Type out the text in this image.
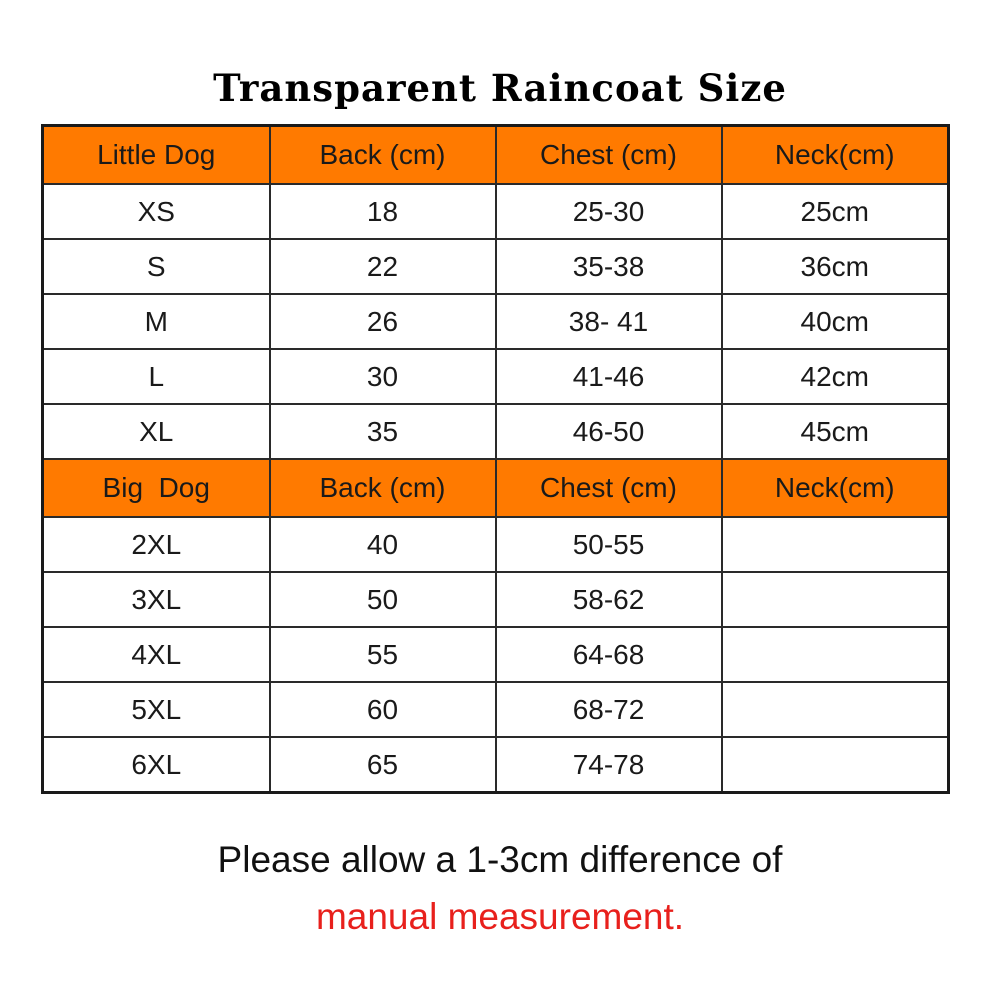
Transparent Raincoat Size
Little Dog	Back (cm)	Chest (cm)	Neck(cm)
XS	18	25-30	25cm
S	22	35-38	36cm
M	26	38- 41	40cm
L	30	41-46	42cm
XL	35	46-50	45cm
Big  Dog	Back (cm)	Chest (cm)	Neck(cm)
2XL	40	50-55	
3XL	50	58-62	
4XL	55	64-68	
5XL	60	68-72	
6XL	65	74-78	
Please allow a 1-3cm difference of
manual measurement.
